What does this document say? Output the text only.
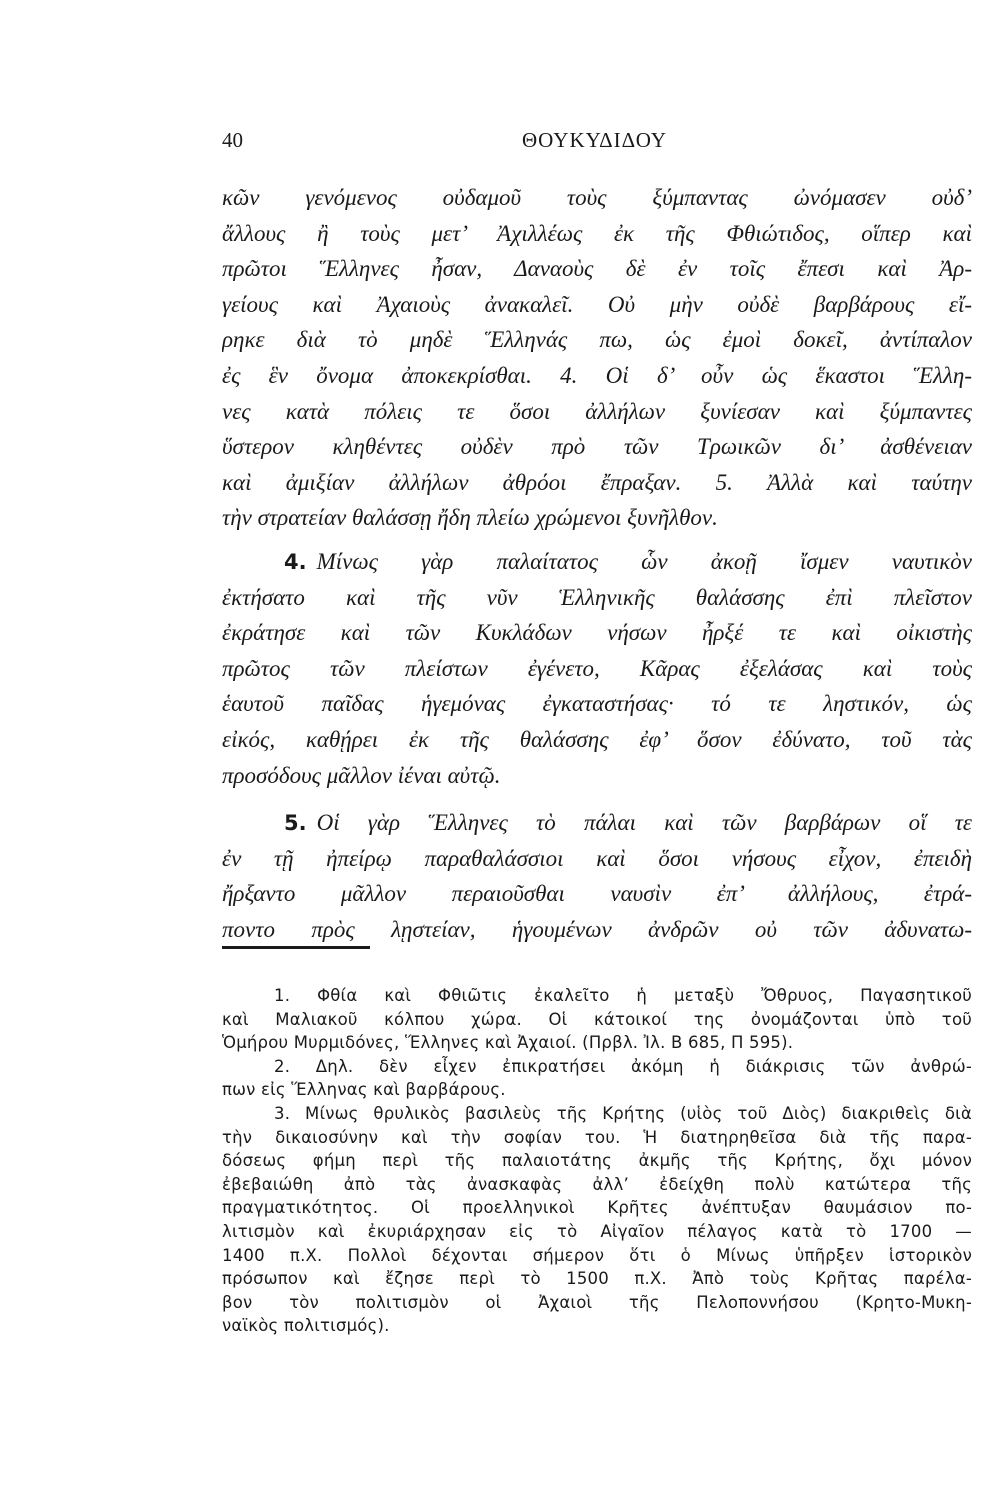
40	ΘΟΥΚΥΔΙΔΟΥ
κῶν γενόμενος οὐδαμοῦ τοὺς ξύμπαντας ὠνόμασεν οὐδ’
ἄλλους ἢ τοὺς μετ’ Ἀχιλλέως ἐκ τῆς Φθιώτιδος, οἵπερ καὶ
πρῶτοι Ἕλληνες ἦσαν, Δαναοὺς δὲ ἐν τοῖς ἔπεσι καὶ Ἀρ-
γείους καὶ Ἀχαιοὺς ἀνακαλεῖ. Οὐ μὴν οὐδὲ βαρβάρους εἴ-
ρηκε διὰ τὸ μηδὲ Ἕλληνάς πω, ὡς ἐμοὶ δοκεῖ, ἀντίπαλον
ἐς ἓν ὄνομα ἀποκεκρίσθαι. 4. Οἱ δ’ οὖν ὡς ἕκαστοι Ἕλλη-
νες κατὰ πόλεις τε ὅσοι ἀλλήλων ξυνίεσαν καὶ ξύμπαντες
ὕστερον κληθέντες οὐδὲν πρὸ τῶν Τρωικῶν δι’ ἀσθένειαν
καὶ ἀμιξίαν ἀλλήλων ἀθρόοι ἔπραξαν. 5. Ἀλλὰ καὶ ταύτην
τὴν στρατείαν θαλάσσῃ ἤδη πλείω χρώμενοι ξυνῆλθον.
4. Μίνως γὰρ παλαίτατος ὧν ἀκοῇ ἴσμεν ναυτικὸν
ἐκτήσατο καὶ τῆς νῦν Ἑλληνικῆς θαλάσσης ἐπὶ πλεῖστον
ἐκράτησε καὶ τῶν Κυκλάδων νήσων ἦρξέ τε καὶ οἰκιστὴς
πρῶτος τῶν πλείστων ἐγένετο, Κᾶρας ἐξελάσας καὶ τοὺς
ἑαυτοῦ παῖδας ἡγεμόνας ἐγκαταστήσας· τό τε ληστικόν, ὡς
εἰκός, καθῄρει ἐκ τῆς θαλάσσης ἐφ’ ὅσον ἐδύνατο, τοῦ τὰς
προσόδους μᾶλλον ἰέναι αὐτῷ.
5. Οἱ γὰρ Ἕλληνες τὸ πάλαι καὶ τῶν βαρβάρων οἵ τε
ἐν τῇ ἠπείρῳ παραθαλάσσιοι καὶ ὅσοι νήσους εἶχον, ἐπειδὴ
ἤρξαντο μᾶλλον περαιοῦσθαι ναυσὶν ἐπ’ ἀλλήλους, ἐτρά-
ποντο πρὸς λῃστείαν, ἡγουμένων ἀνδρῶν οὐ τῶν ἀδυνατω-
1. Φθία καὶ Φθιῶτις ἐκαλεῖτο ἡ μεταξὺ Ὄθρυος, Παγασητικοῦ
καὶ Μαλιακοῦ κόλπου χώρα. Οἱ κάτοικοί της ὀνομάζονται ὑπὸ τοῦ
Ὁμήρου Μυρμιδόνες, Ἕλληνες καὶ Ἀχαιοί. (Πρβλ. Ἰλ. Β 685, Π 595).
2. Δηλ. δὲν εἶχεν ἐπικρατήσει ἀκόμη ἡ διάκρισις τῶν ἀνθρώ-
πων εἰς Ἕλληνας καὶ βαρβάρους.
3. Μίνως θρυλικὸς βασιλεὺς τῆς Κρήτης (υἱὸς τοῦ Διὸς) διακριθεὶς διὰ
τὴν δικαιοσύνην καὶ τὴν σοφίαν του. Ἡ διατηρηθεῖσα διὰ τῆς παρα-
δόσεως φήμη περὶ τῆς παλαιοτάτης ἀκμῆς τῆς Κρήτης, ὄχι μόνον
ἐβεβαιώθη ἀπὸ τὰς ἀνασκαφὰς ἀλλ’ ἐδείχθη πολὺ κατώτερα τῆς
πραγματικότητος. Οἱ προελληνικοὶ Κρῆτες ἀνέπτυξαν θαυμάσιον πο-
λιτισμὸν καὶ ἐκυριάρχησαν εἰς τὸ Αἰγαῖον πέλαγος κατὰ τὸ 1700 —
1400 π.Χ. Πολλοὶ δέχονται σήμερον ὅτι ὁ Μίνως ὑπῆρξεν ἱστορικὸν
πρόσωπον καὶ ἔζησε περὶ τὸ 1500 π.Χ. Ἀπὸ τοὺς Κρῆτας παρέλα-
βον τὸν πολιτισμὸν οἱ Ἀχαιοὶ τῆς Πελοποννήσου (Κρητο-Μυκη-
ναϊκὸς πολιτισμός).
